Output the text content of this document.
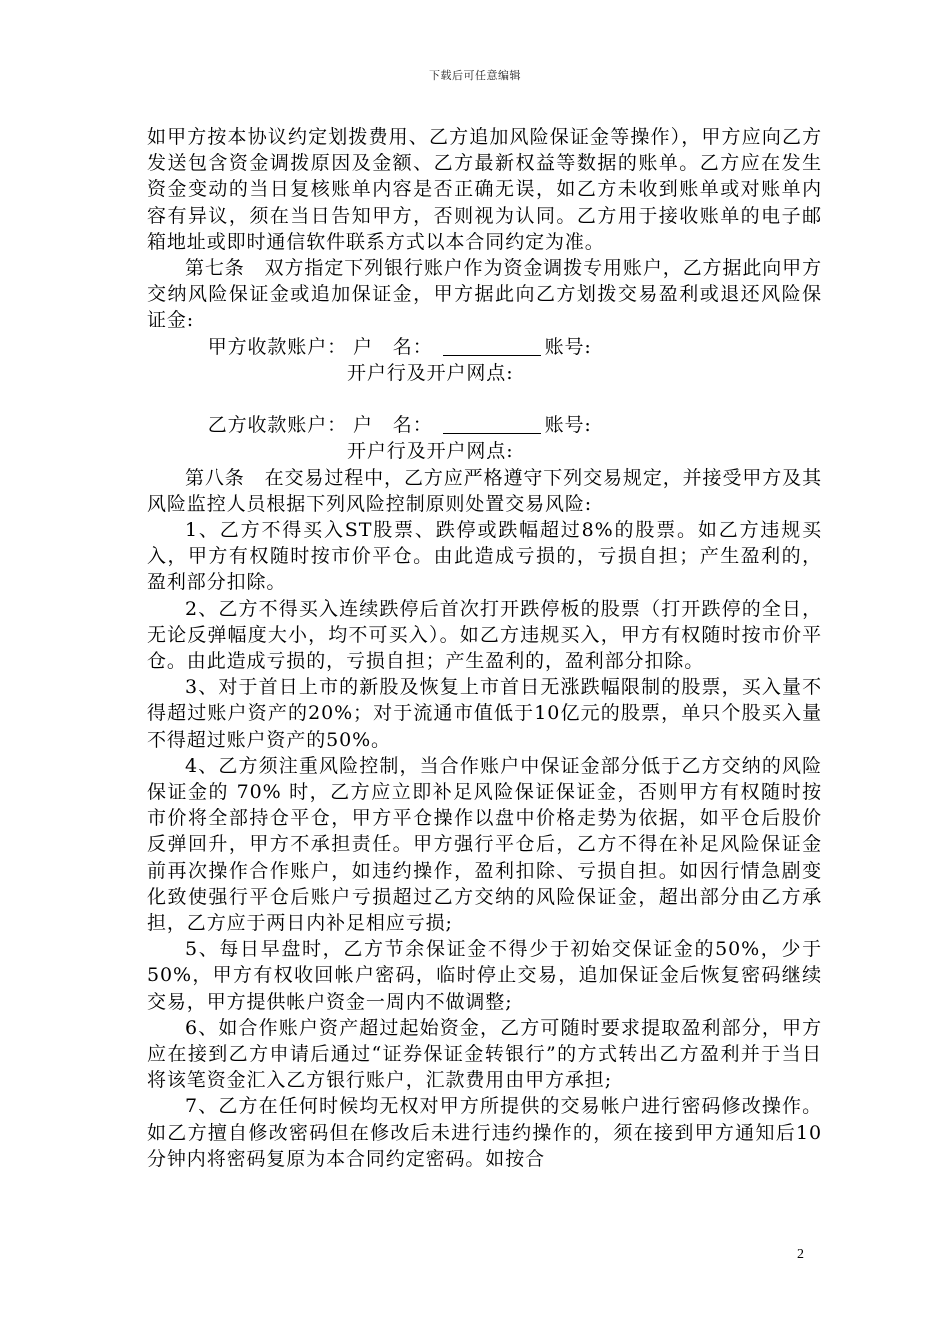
下载后可任意编辑

如甲方按本协议约定划拨费用、乙方追加风险保证金等操作），甲方应向乙方发送包含资金调拨原因及金额、乙方最新权益等数据的账单。乙方应在发生资金变动的当日复核账单内容是否正确无误，如乙方未收到账单或对账单内容有异议，须在当日告知甲方，否则视为认同。乙方用于接收账单的电子邮箱地址或即时通信软件联系方式以本合同约定为准。

第七条　双方指定下列银行账户作为资金调拨专用账户，乙方据此向甲方交纳风险保证金或追加保证金，甲方据此向乙方划拨交易盈利或退还风险保证金:

甲方收款账户： 户　名：	账号:
开户行及开户网点:
乙方收款账户： 户　名：	账号:
开户行及开户网点:

第八条　在交易过程中，乙方应严格遵守下列交易规定，并接受甲方及其风险监控人员根据下列风险控制原则处置交易风险:

1、乙方不得买入ST股票、跌停或跌幅超过8%的股票。如乙方违规买入，甲方有权随时按市价平仓。由此造成亏损的，亏损自担；产生盈利的，盈利部分扣除。

2、乙方不得买入连续跌停后首次打开跌停板的股票（打开跌停的全日，无论反弹幅度大小，均不可买入）。如乙方违规买入，甲方有权随时按市价平仓。由此造成亏损的，亏损自担；产生盈利的，盈利部分扣除。

3、对于首日上市的新股及恢复上市首日无涨跌幅限制的股票，买入量不得超过账户资产的20%；对于流通市值低于10亿元的股票，单只个股买入量不得超过账户资产的50%。

4、乙方须注重风险控制，当合作账户中保证金部分低于乙方交纳的风险保证金的 70% 时，乙方应立即补足风险保证保证金，否则甲方有权随时按市价将全部持仓平仓，甲方平仓操作以盘中价格走势为依据，如平仓后股价反弹回升，甲方不承担责任。甲方强行平仓后，乙方不得在补足风险保证金前再次操作合作账户，如违约操作，盈利扣除、亏损自担。如因行情急剧变化致使强行平仓后账户亏损超过乙方交纳的风险保证金，超出部分由乙方承担，乙方应于两日内补足相应亏损;

5、每日早盘时，乙方节余保证金不得少于初始交保证金的50%，少于50%，甲方有权收回帐户密码，临时停止交易，追加保证金后恢复密码继续交易，甲方提供帐户资金一周内不做调整;

6、如合作账户资产超过起始资金，乙方可随时要求提取盈利部分，甲方应在接到乙方申请后通过“证券保证金转银行”的方式转出乙方盈利并于当日将该笔资金汇入乙方银行账户，汇款费用由甲方承担;

7、乙方在任何时候均无权对甲方所提供的交易帐户进行密码修改操作。如乙方擅自修改密码但在修改后未进行违约操作的，须在接到甲方通知后10分钟内将密码复原为本合同约定密码。如按合

2
